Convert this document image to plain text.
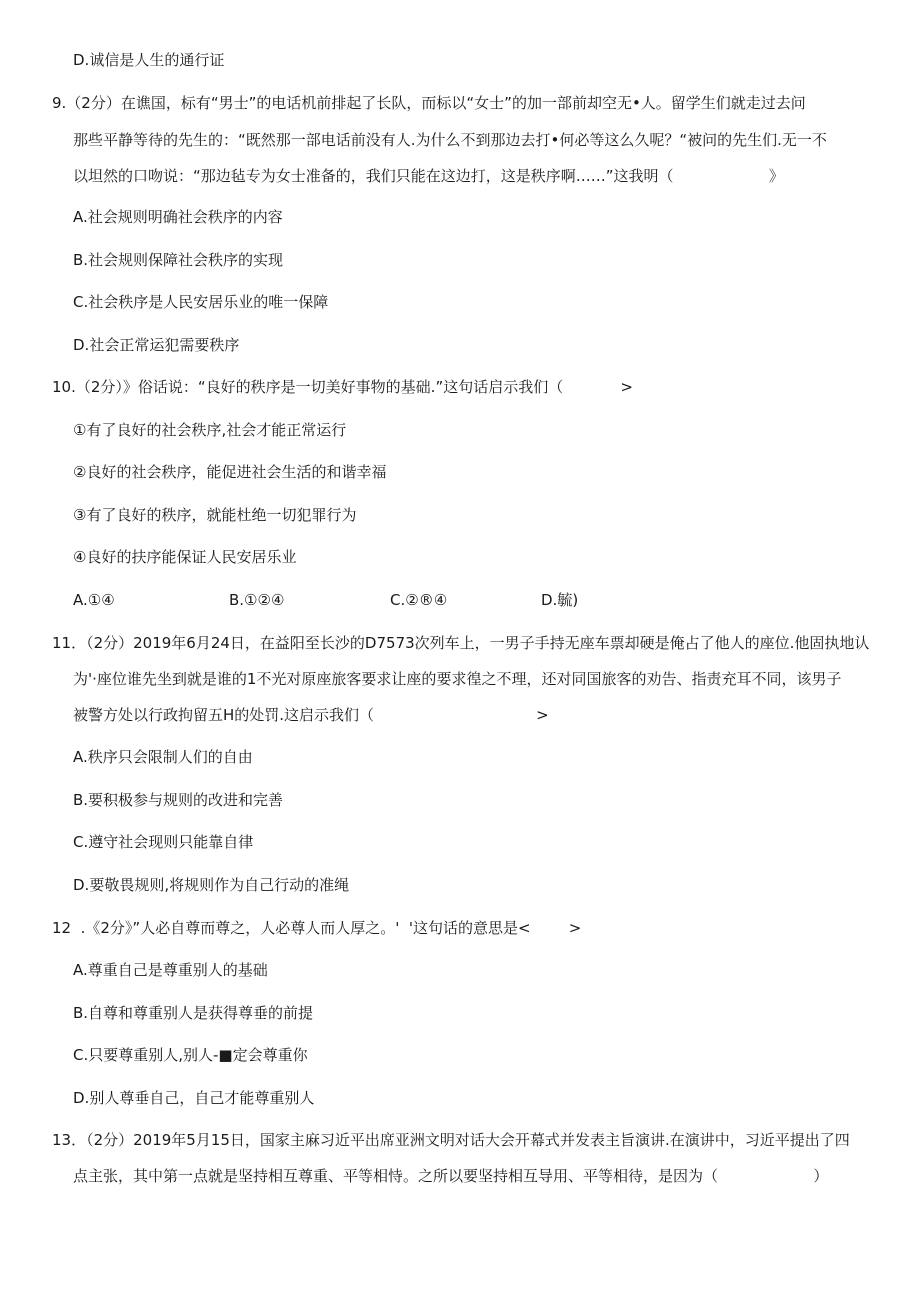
D.诚信是人生的通行证
9.（2分）在谯国，标有“男士”的电话机前排起了长队，而标以“女士”的加一部前却空无•人。留学生们就走过去问
那些平静等待的先生的：“既然那一部电话前没有人.为什么不到那边去打•何必等这么久呢？“被问的先生们.无一不
以坦然的口吻说：“那边毡专为女士准备的，我们只能在这边打，这是秩序啊……”这我明（                    》
A.社会规则明确社会秩序的内容
B.社会规则保障社会秩序的实现
C.社会秩序是人民安居乐业的唯一保障
D.社会正常运犯需要秩序
10.（2分）》俗话说：“良好的秩序是一切美好事物的基础.”这句话启示我们（            >
①有了良好的社会秩序,社会才能正常运行
②良好的社会秩序，能促进社会生活的和谐幸福
③有了良好的秩序，就能杜绝一切犯罪行为
④良好的扶序能保证人民安居乐业
A.①④	B.①②④	C.②®④	D.毓)
11．（2分）2019年6月24日，在益阳至长沙的D7573次列车上，一男子手持无座车票却硬是俺占了他人的座位.他固执地认
为'·座位谁先坐到就是谁的1不光对原座旅客要求让座的要求徨之不理，还对同国旅客的劝告、指责充耳不同，该男子
被警方处以行政拘留五H的处罚.这启示我们（                                  >
A.秩序只会限制人们的自由
B.要积极参与规则的改进和完善
C.遵守社会现则只能靠自律
D.要敬畏规则,将规则作为自己行动的准绳
12  .《2分》”人必自尊而尊之，人必尊人而人厚之。'  '这句话的意思是<        >
A.尊重自己是尊重别人的基础
B.自尊和尊重别人是获得尊垂的前提
C.只要尊重别人,别人-■定会尊重你
D.别人尊垂自己，自己才能尊重别人
13．（2分）2019年5月15日，国家主麻习近平出席亚洲文明对话大会开幕式并发表主旨演讲.在演讲中，习近平提出了四
点主张，其中第一点就是坚持相互尊重、平等相恃。之所以要坚持相互导用、平等相待，是因为（                    ）
